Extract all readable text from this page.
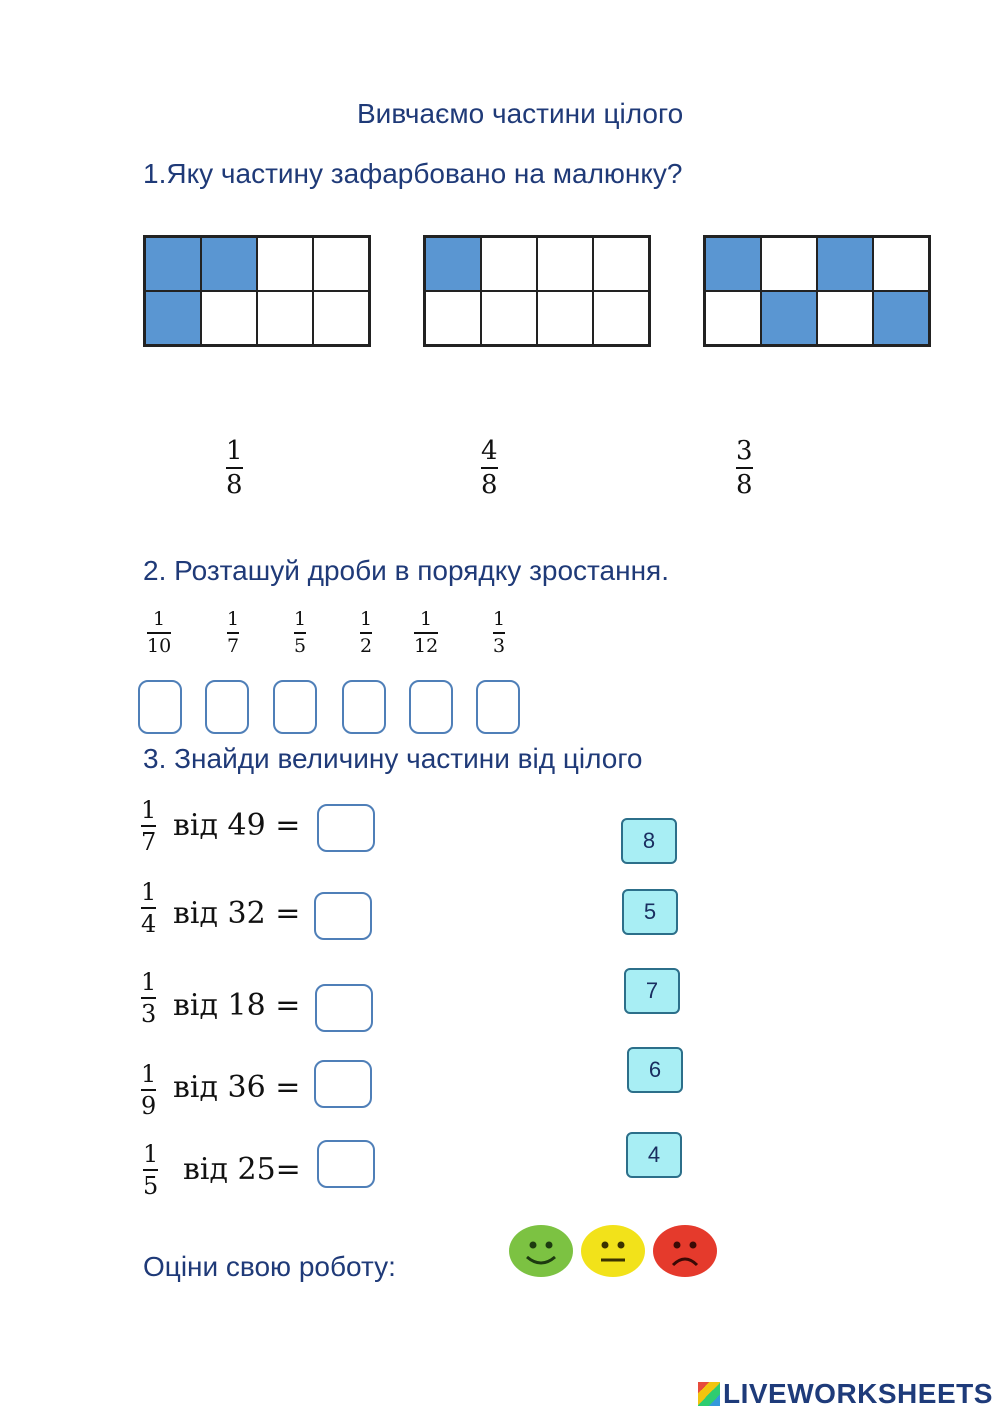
Вивчаємо частини цілого
1.Яку частину зафарбовано на малюнку?
1
8
4
8
3
8
2. Розташуй дроби в порядку зростання.
1
10
1
7
1
5
1
2
1
12
1
3
3. Знайди величину частини від цілого
1
7 від 49 =
1
4 від 32 =
1
3 від 18 =
1
9
від 36 =
1
5 від 25=
8
5
7
6
4
Оціни свою роботу:
LIVEWORKSHEETS
